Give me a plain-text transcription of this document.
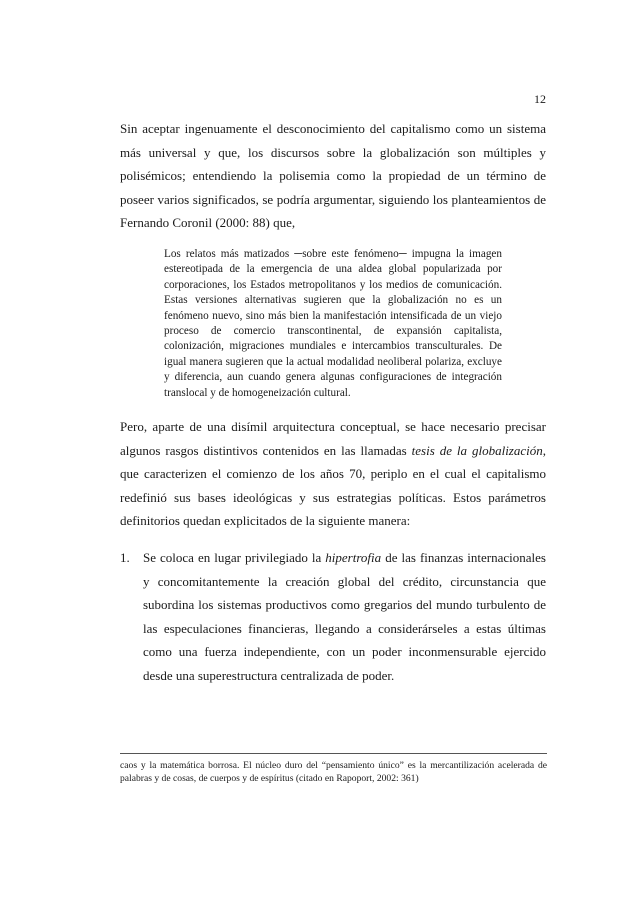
12

Sin aceptar ingenuamente el desconocimiento del capitalismo como un sistema más universal y que, los discursos sobre la globalización son múltiples y polisémicos; entendiendo la polisemia como la propiedad de un término de poseer varios significados, se podría argumentar, siguiendo los planteamientos de Fernando Coronil (2000: 88) que,

Los relatos más matizados ─sobre este fenómeno─ impugna la imagen estereotipada de la emergencia de una aldea global popularizada por corporaciones, los Estados metropolitanos y los medios de comunicación. Estas versiones alternativas sugieren que la globalización no es un fenómeno nuevo, sino más bien la manifestación intensificada de un viejo proceso de comercio transcontinental, de expansión capitalista, colonización, migraciones mundiales e intercambios transculturales. De igual manera sugieren que la actual modalidad neoliberal polariza, excluye y diferencia, aun cuando genera algunas configuraciones de integración translocal y de homogeneización cultural.

Pero, aparte de una disímil arquitectura conceptual, se hace necesario precisar algunos rasgos distintivos contenidos en las llamadas tesis de la globalización, que caracterizen el comienzo de los años 70, periplo en el cual el capitalismo redefinió sus bases ideológicas y sus estrategias políticas. Estos parámetros definitorios quedan explicitados de la siguiente manera:

1. Se coloca en lugar privilegiado la hipertrofia de las finanzas internacionales y concomitantemente la creación global del crédito, circunstancia que subordina los sistemas productivos como gregarios del mundo turbulento de las especulaciones financieras, llegando a considerárseles a estas últimas como una fuerza independiente, con un poder inconmensurable ejercido desde una superestructura centralizada de poder.

caos y la matemática borrosa. El núcleo duro del “pensamiento único” es la mercantilización acelerada de palabras y de cosas, de cuerpos y de espíritus (citado en Rapoport, 2002: 361)
